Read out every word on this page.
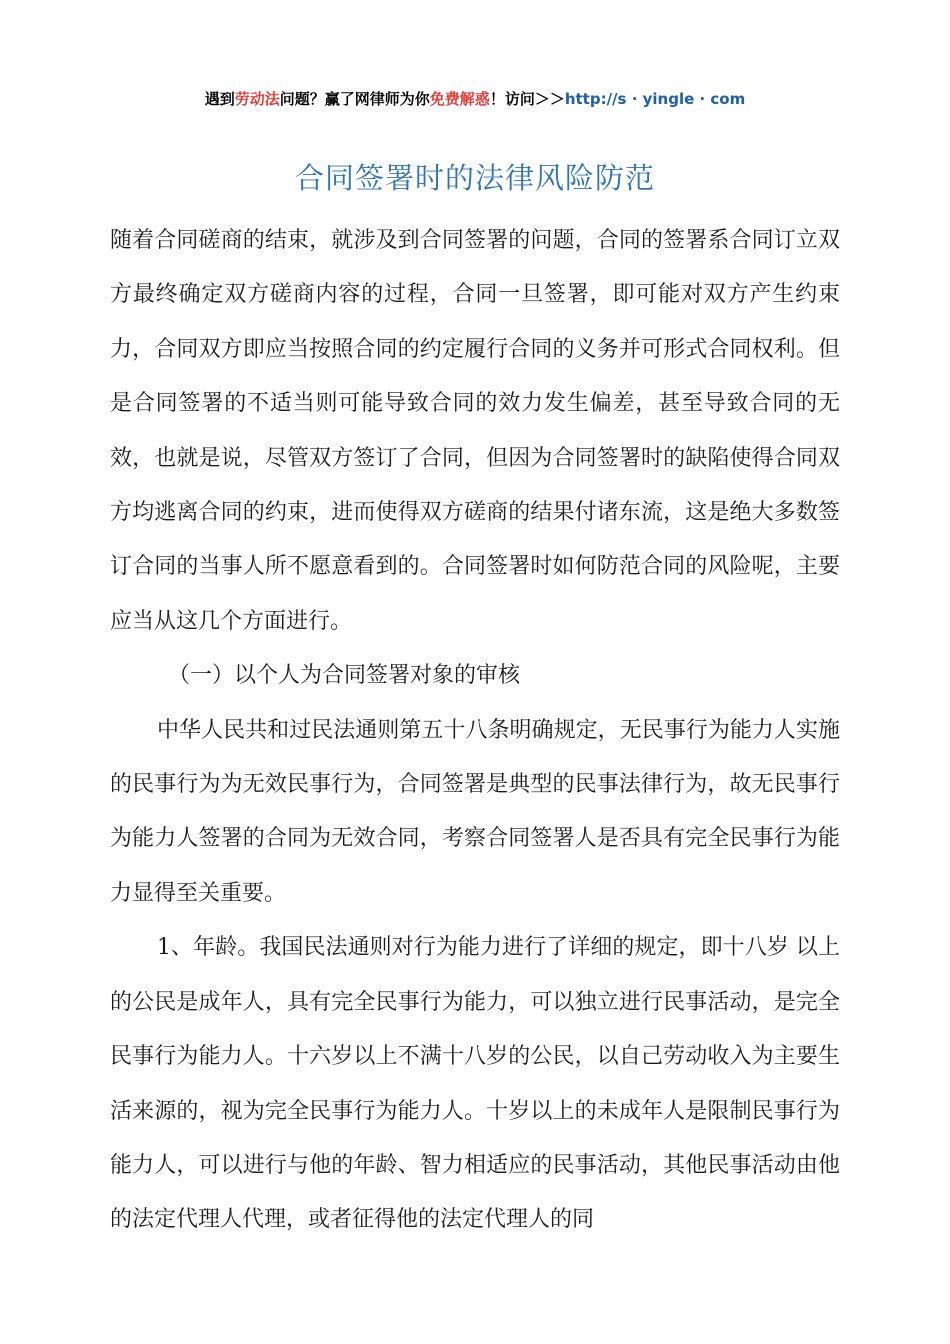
遇到劳动法问题？赢了网律师为你免费解惑！访问＞＞http://s · yingle · com
合同签署时的法律风险防范

随着合同磋商的结束，就涉及到合同签署的问题，合同的签署系合同订立双方最终确定双方磋商内容的过程，合同一旦签署，即可能对双方产生约束力，合同双方即应当按照合同的约定履行合同的义务并可形式合同权利。但是合同签署的不适当则可能导致合同的效力发生偏差，甚至导致合同的无效，也就是说，尽管双方签订了合同，但因为合同签署时的缺陷使得合同双方均逃离合同的约束，进而使得双方磋商的结果付诸东流，这是绝大多数签订合同的当事人所不愿意看到的。合同签署时如何防范合同的风险呢，主要应当从这几个方面进行。

（一）以个人为合同签署对象的审核

中华人民共和过民法通则第五十八条明确规定，无民事行为能力人实施的民事行为为无效民事行为，合同签署是典型的民事法律行为，故无民事行为能力人签署的合同为无效合同，考察合同签署人是否具有完全民事行为能力显得至关重要。

1、年龄。我国民法通则对行为能力进行了详细的规定，即十八岁 以上的公民是成年人，具有完全民事行为能力，可以独立进行民事活动，是完全民事行为能力人。十六岁以上不满十八岁的公民，以自己劳动收入为主要生活来源的，视为完全民事行为能力人。十岁以上的未成年人是限制民事行为能力人，可以进行与他的年龄、智力相适应的民事活动，其他民事活动由他的法定代理人代理，或者征得他的法定代理人的同
